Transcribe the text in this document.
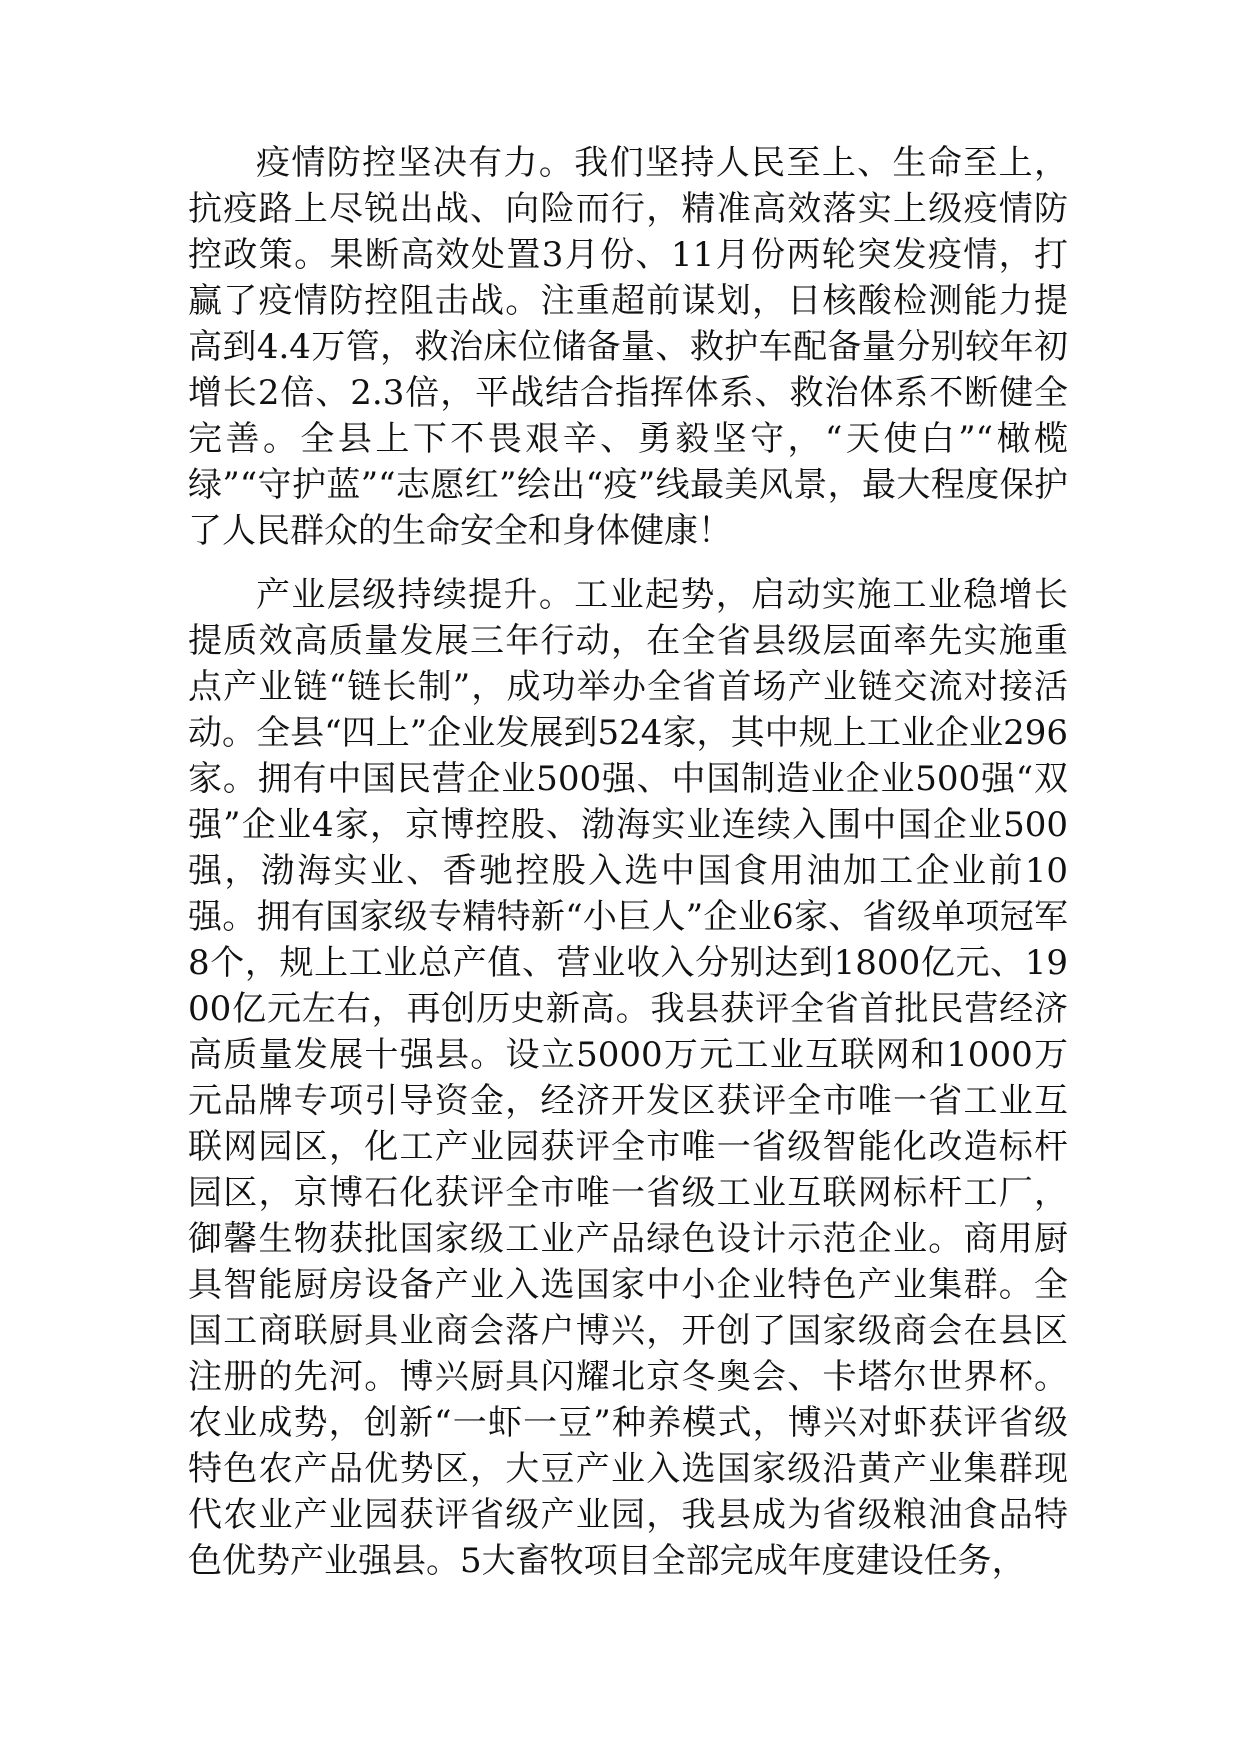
疫情防控坚决有力。我们坚持人民至上、生命至上，抗疫路上尽锐出战、向险而行，精准高效落实上级疫情防控政策。果断高效处置3月份、11月份两轮突发疫情，打赢了疫情防控阻击战。注重超前谋划，日核酸检测能力提高到4.4万管，救治床位储备量、救护车配备量分别较年初增长2倍、2.3倍，平战结合指挥体系、救治体系不断健全完善。全县上下不畏艰辛、勇毅坚守，“天使白”“橄榄绿”“守护蓝”“志愿红”绘出“疫”线最美风景，最大程度保护了人民群众的生命安全和身体健康！

产业层级持续提升。工业起势，启动实施工业稳增长提质效高质量发展三年行动，在全省县级层面率先实施重点产业链“链长制”，成功举办全省首场产业链交流对接活动。全县“四上”企业发展到524家，其中规上工业企业296家。拥有中国民营企业500强、中国制造业企业500强“双强”企业4家，京博控股、渤海实业连续入围中国企业500强，渤海实业、香驰控股入选中国食用油加工企业前10强。拥有国家级专精特新“小巨人”企业6家、省级单项冠军8个，规上工业总产值、营业收入分别达到1800亿元、1900亿元左右，再创历史新高。我县获评全省首批民营经济高质量发展十强县。设立5000万元工业互联网和1000万元品牌专项引导资金，经济开发区获评全市唯一省工业互联网园区，化工产业园获评全市唯一省级智能化改造标杆园区，京博石化获评全市唯一省级工业互联网标杆工厂，御馨生物获批国家级工业产品绿色设计示范企业。商用厨具智能厨房设备产业入选国家中小企业特色产业集群。全国工商联厨具业商会落户博兴，开创了国家级商会在县区注册的先河。博兴厨具闪耀北京冬奥会、卡塔尔世界杯。农业成势，创新“一虾一豆”种养模式，博兴对虾获评省级特色农产品优势区，大豆产业入选国家级沿黄产业集群现代农业产业园获评省级产业园，我县成为省级粮油食品特色优势产业强县。5大畜牧项目全部完成年度建设任务，
